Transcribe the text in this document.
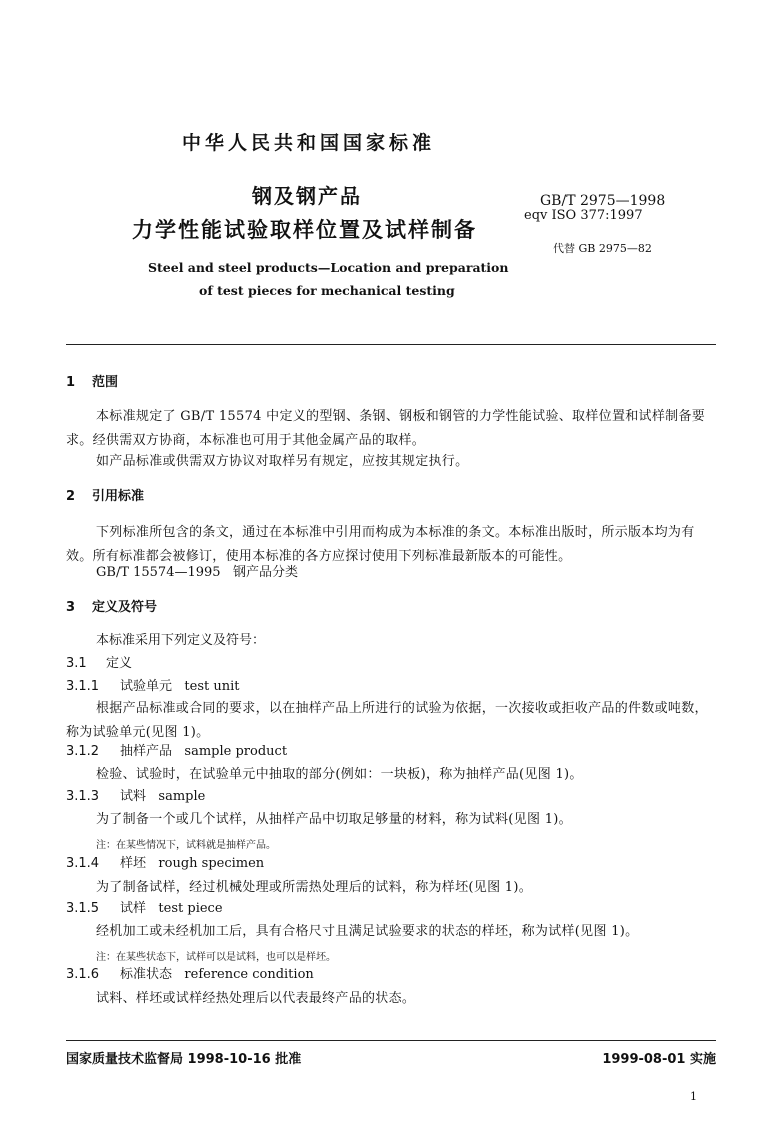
中华人民共和国国家标准
钢及钢产品
力学性能试验取样位置及试样制备
Steel and steel products—Location and preparation
of test pieces for mechanical testing
GB/T 2975—1998
eqv ISO 377:1997
代替 GB 2975—82
1 范围
本标准规定了 GB/T 15574 中定义的型钢、条钢、钢板和钢管的力学性能试验、取样位置和试样制备要求。经供需双方协商，本标准也可用于其他金属产品的取样。
如产品标准或供需双方协议对取样另有规定，应按其规定执行。
2 引用标准
下列标准所包含的条文，通过在本标准中引用而构成为本标准的条文。本标准出版时，所示版本均为有效。所有标准都会被修订，使用本标准的各方应探讨使用下列标准最新版本的可能性。
GB/T 15574—1995 钢产品分类
3 定义及符号
本标准采用下列定义及符号：
3.1 定义
3.1.1 试验单元 test unit
根据产品标准或合同的要求，以在抽样产品上所进行的试验为依据，一次接收或拒收产品的件数或吨数，称为试验单元(见图 1)。
3.1.2 抽样产品 sample product
检验、试验时，在试验单元中抽取的部分(例如：一块板)，称为抽样产品(见图 1)。
3.1.3 试料 sample
为了制备一个或几个试样，从抽样产品中切取足够量的材料，称为试料(见图 1)。
注：在某些情况下，试料就是抽样产品。
3.1.4 样坯 rough specimen
为了制备试样，经过机械处理或所需热处理后的试料，称为样坯(见图 1)。
3.1.5 试样 test piece
经机加工或未经机加工后，具有合格尺寸且满足试验要求的状态的样坯，称为试样(见图 1)。
注：在某些状态下，试样可以是试料，也可以是样坯。
3.1.6 标准状态 reference condition
试料、样坯或试样经热处理后以代表最终产品的状态。
国家质量技术监督局 1998-10-16 批准	1999-08-01 实施
1
